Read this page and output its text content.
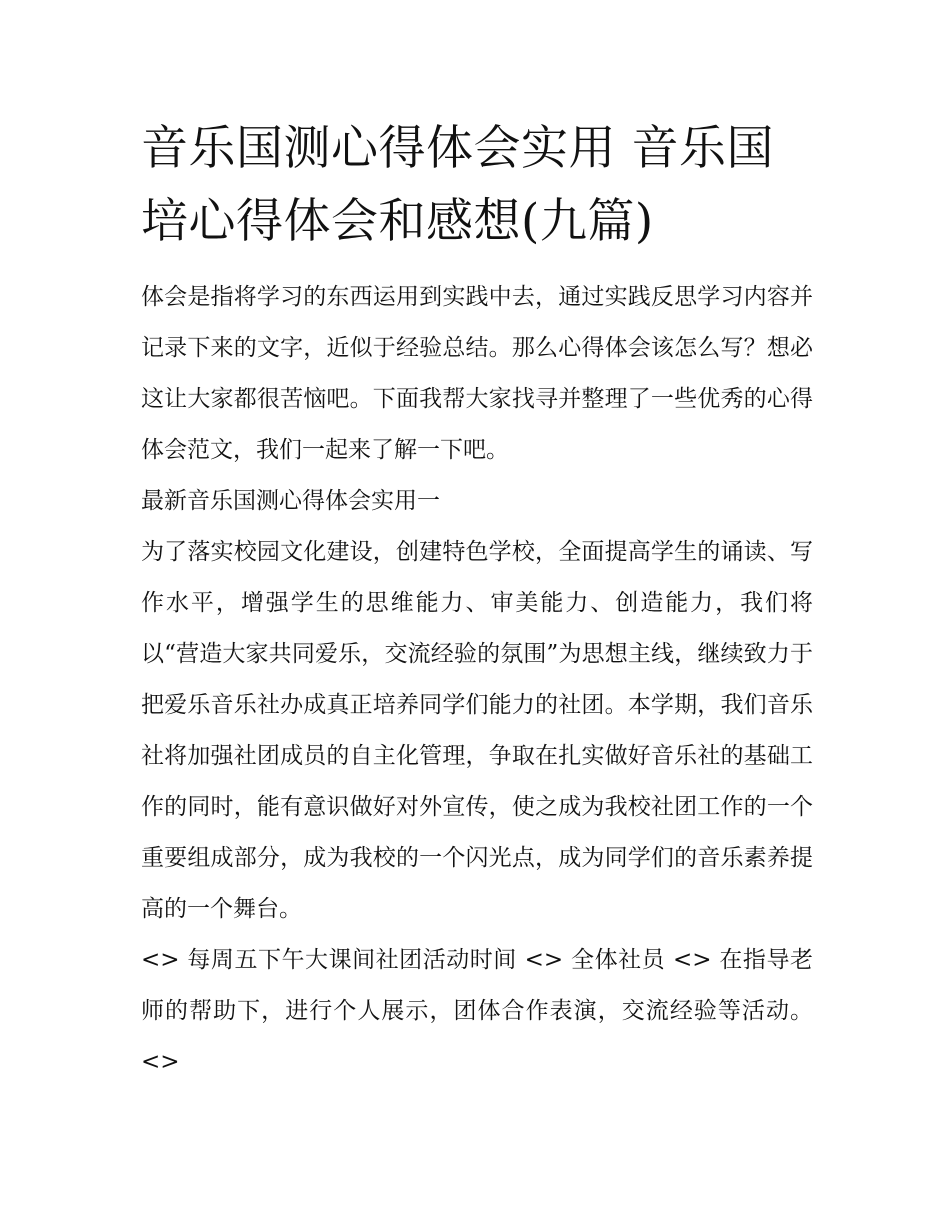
音乐国测心得体会实用 音乐国培心得体会和感想(九篇)

体会是指将学习的东西运用到实践中去，通过实践反思学习内容并记录下来的文字，近似于经验总结。那么心得体会该怎么写？想必这让大家都很苦恼吧。下面我帮大家找寻并整理了一些优秀的心得体会范文，我们一起来了解一下吧。

最新音乐国测心得体会实用一

为了落实校园文化建设，创建特色学校，全面提高学生的诵读、写作水平，增强学生的思维能力、审美能力、创造能力，我们将以“营造大家共同爱乐，交流经验的氛围”为思想主线，继续致力于把爱乐音乐社办成真正培养同学们能力的社团。本学期，我们音乐社将加强社团成员的自主化管理，争取在扎实做好音乐社的基础工作的同时，能有意识做好对外宣传，使之成为我校社团工作的一个重要组成部分，成为我校的一个闪光点，成为同学们的音乐素养提高的一个舞台。

<> 每周五下午大课间社团活动时间 <> 全体社员 <> 在指导老师的帮助下，进行个人展示，团体合作表演，交流经验等活动。 <>
